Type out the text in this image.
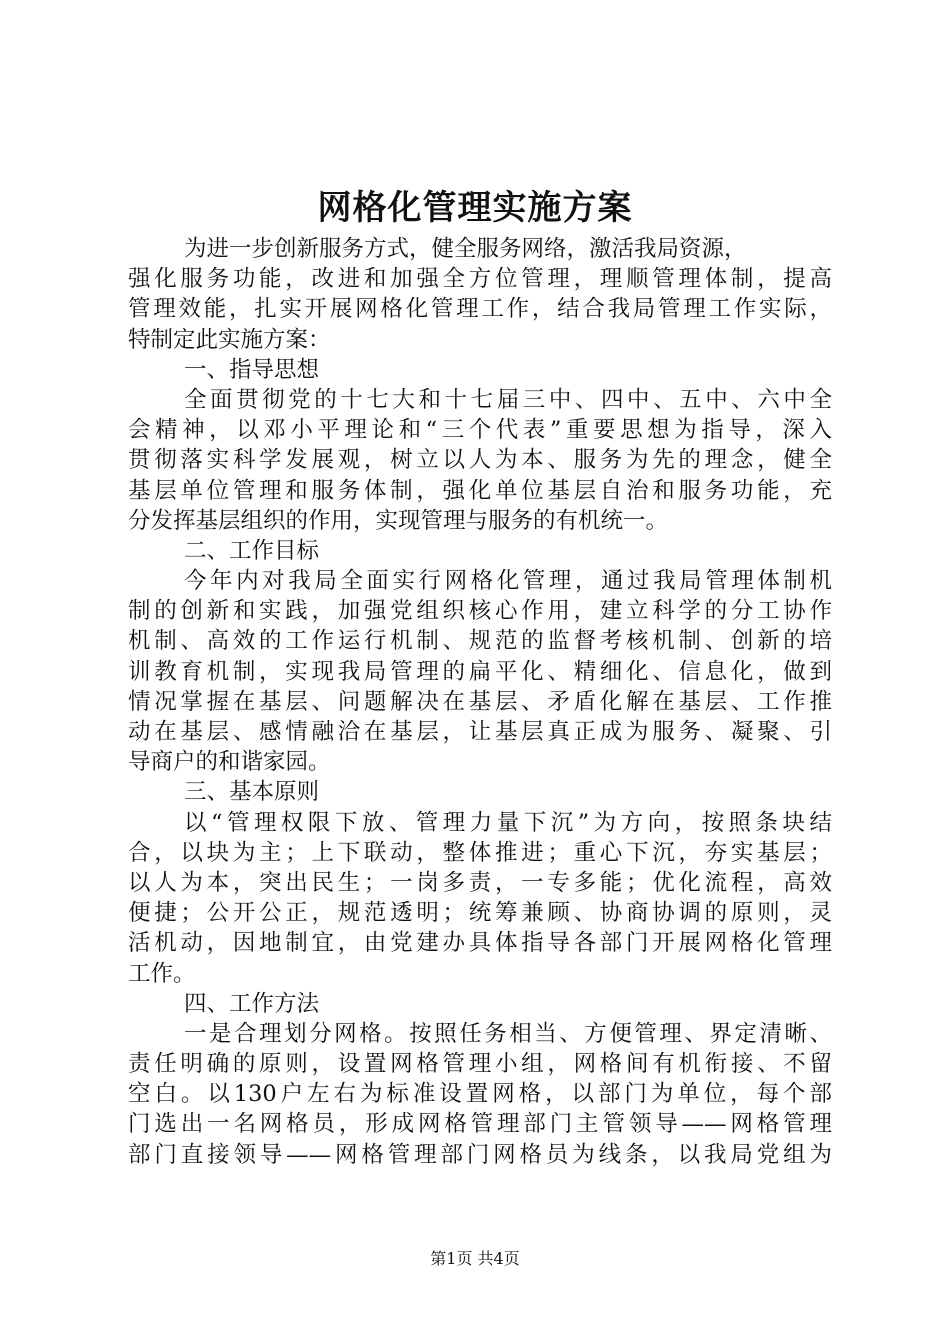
网格化管理实施方案
为进一步创新服务方式，健全服务网络，激活我局资源，
强化服务功能，改进和加强全方位管理，理顺管理体制，提高
管理效能，扎实开展网格化管理工作，结合我局管理工作实际，
特制定此实施方案：
一、指导思想
全面贯彻党的十七大和十七届三中、四中、五中、六中全
会精神，以邓小平理论和“三个代表”重要思想为指导，深入
贯彻落实科学发展观，树立以人为本、服务为先的理念，健全
基层单位管理和服务体制，强化单位基层自治和服务功能，充
分发挥基层组织的作用，实现管理与服务的有机统一。
二、工作目标
今年内对我局全面实行网格化管理，通过我局管理体制机
制的创新和实践，加强党组织核心作用，建立科学的分工协作
机制、高效的工作运行机制、规范的监督考核机制、创新的培
训教育机制，实现我局管理的扁平化、精细化、信息化，做到
情况掌握在基层、问题解决在基层、矛盾化解在基层、工作推
动在基层、感情融洽在基层，让基层真正成为服务、凝聚、引
导商户的和谐家园。
三、基本原则
以“管理权限下放、管理力量下沉”为方向，按照条块结
合，以块为主；上下联动，整体推进；重心下沉，夯实基层；
以人为本，突出民生；一岗多责，一专多能；优化流程，高效
便捷；公开公正，规范透明；统筹兼顾、协商协调的原则，灵
活机动，因地制宜，由党建办具体指导各部门开展网格化管理
工作。
四、工作方法
一是合理划分网格。按照任务相当、方便管理、界定清晰、
责任明确的原则，设置网格管理小组，网格间有机衔接、不留
空白。以130户左右为标准设置网格，以部门为单位，每个部
门选出一名网格员，形成网格管理部门主管领导——网格管理
部门直接领导——网格管理部门网格员为线条，以我局党组为
第1页 共4页
